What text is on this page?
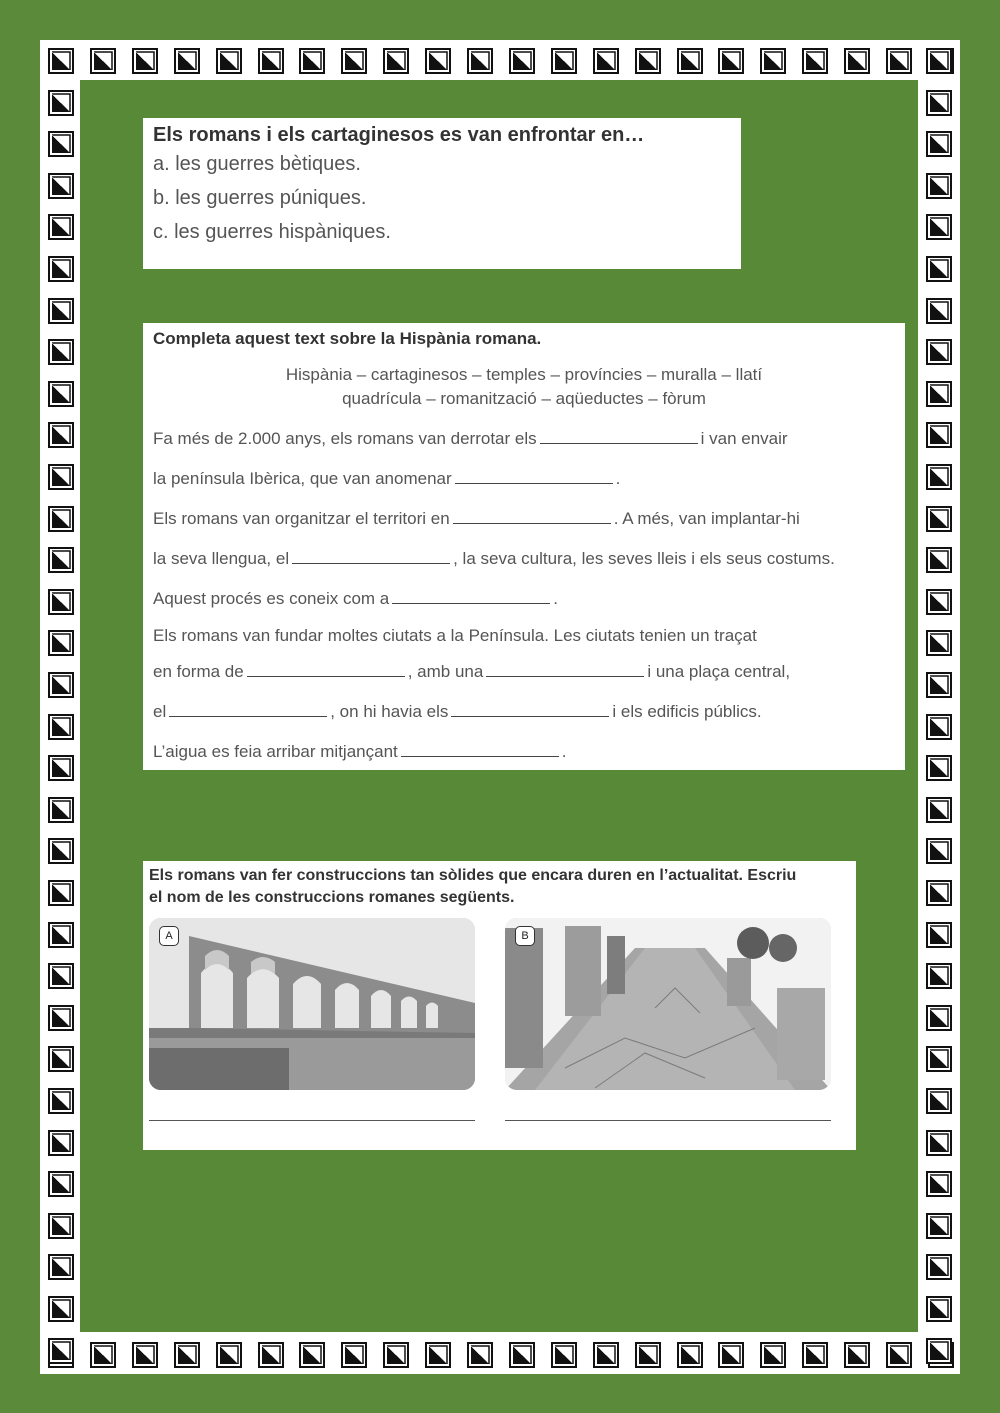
Els romans i els cartaginesos es van enfrontar en…
a. les guerres bètiques.
b. les guerres púniques.
c. les guerres hispàniques.
Completa aquest text sobre la Hispània romana.
Hispània – cartaginesos – temples – províncies – muralla – llatí
quadrícula – romanització – aqüeductes – fòrum
Fa més de 2.000 anys, els romans van derrotar els	i van envair
la península Ibèrica, que van anomenar	.
Els romans van organitzar el territori en	. A més, van implantar-hi
la seva llengua, el	, la seva cultura, les seves lleis i els seus costums.
Aquest procés es coneix com a	.
Els romans van fundar moltes ciutats a la Península. Les ciutats tenien un traçat
en forma de	, amb una	i una plaça central,
el	, on hi havia els	i els edificis públics.
L’aigua es feia arribar mitjançant	.
Els romans van fer construccions tan sòlides que encara duren en l’actualitat. Escriu
el nom de les construccions romanes següents.
A	B
